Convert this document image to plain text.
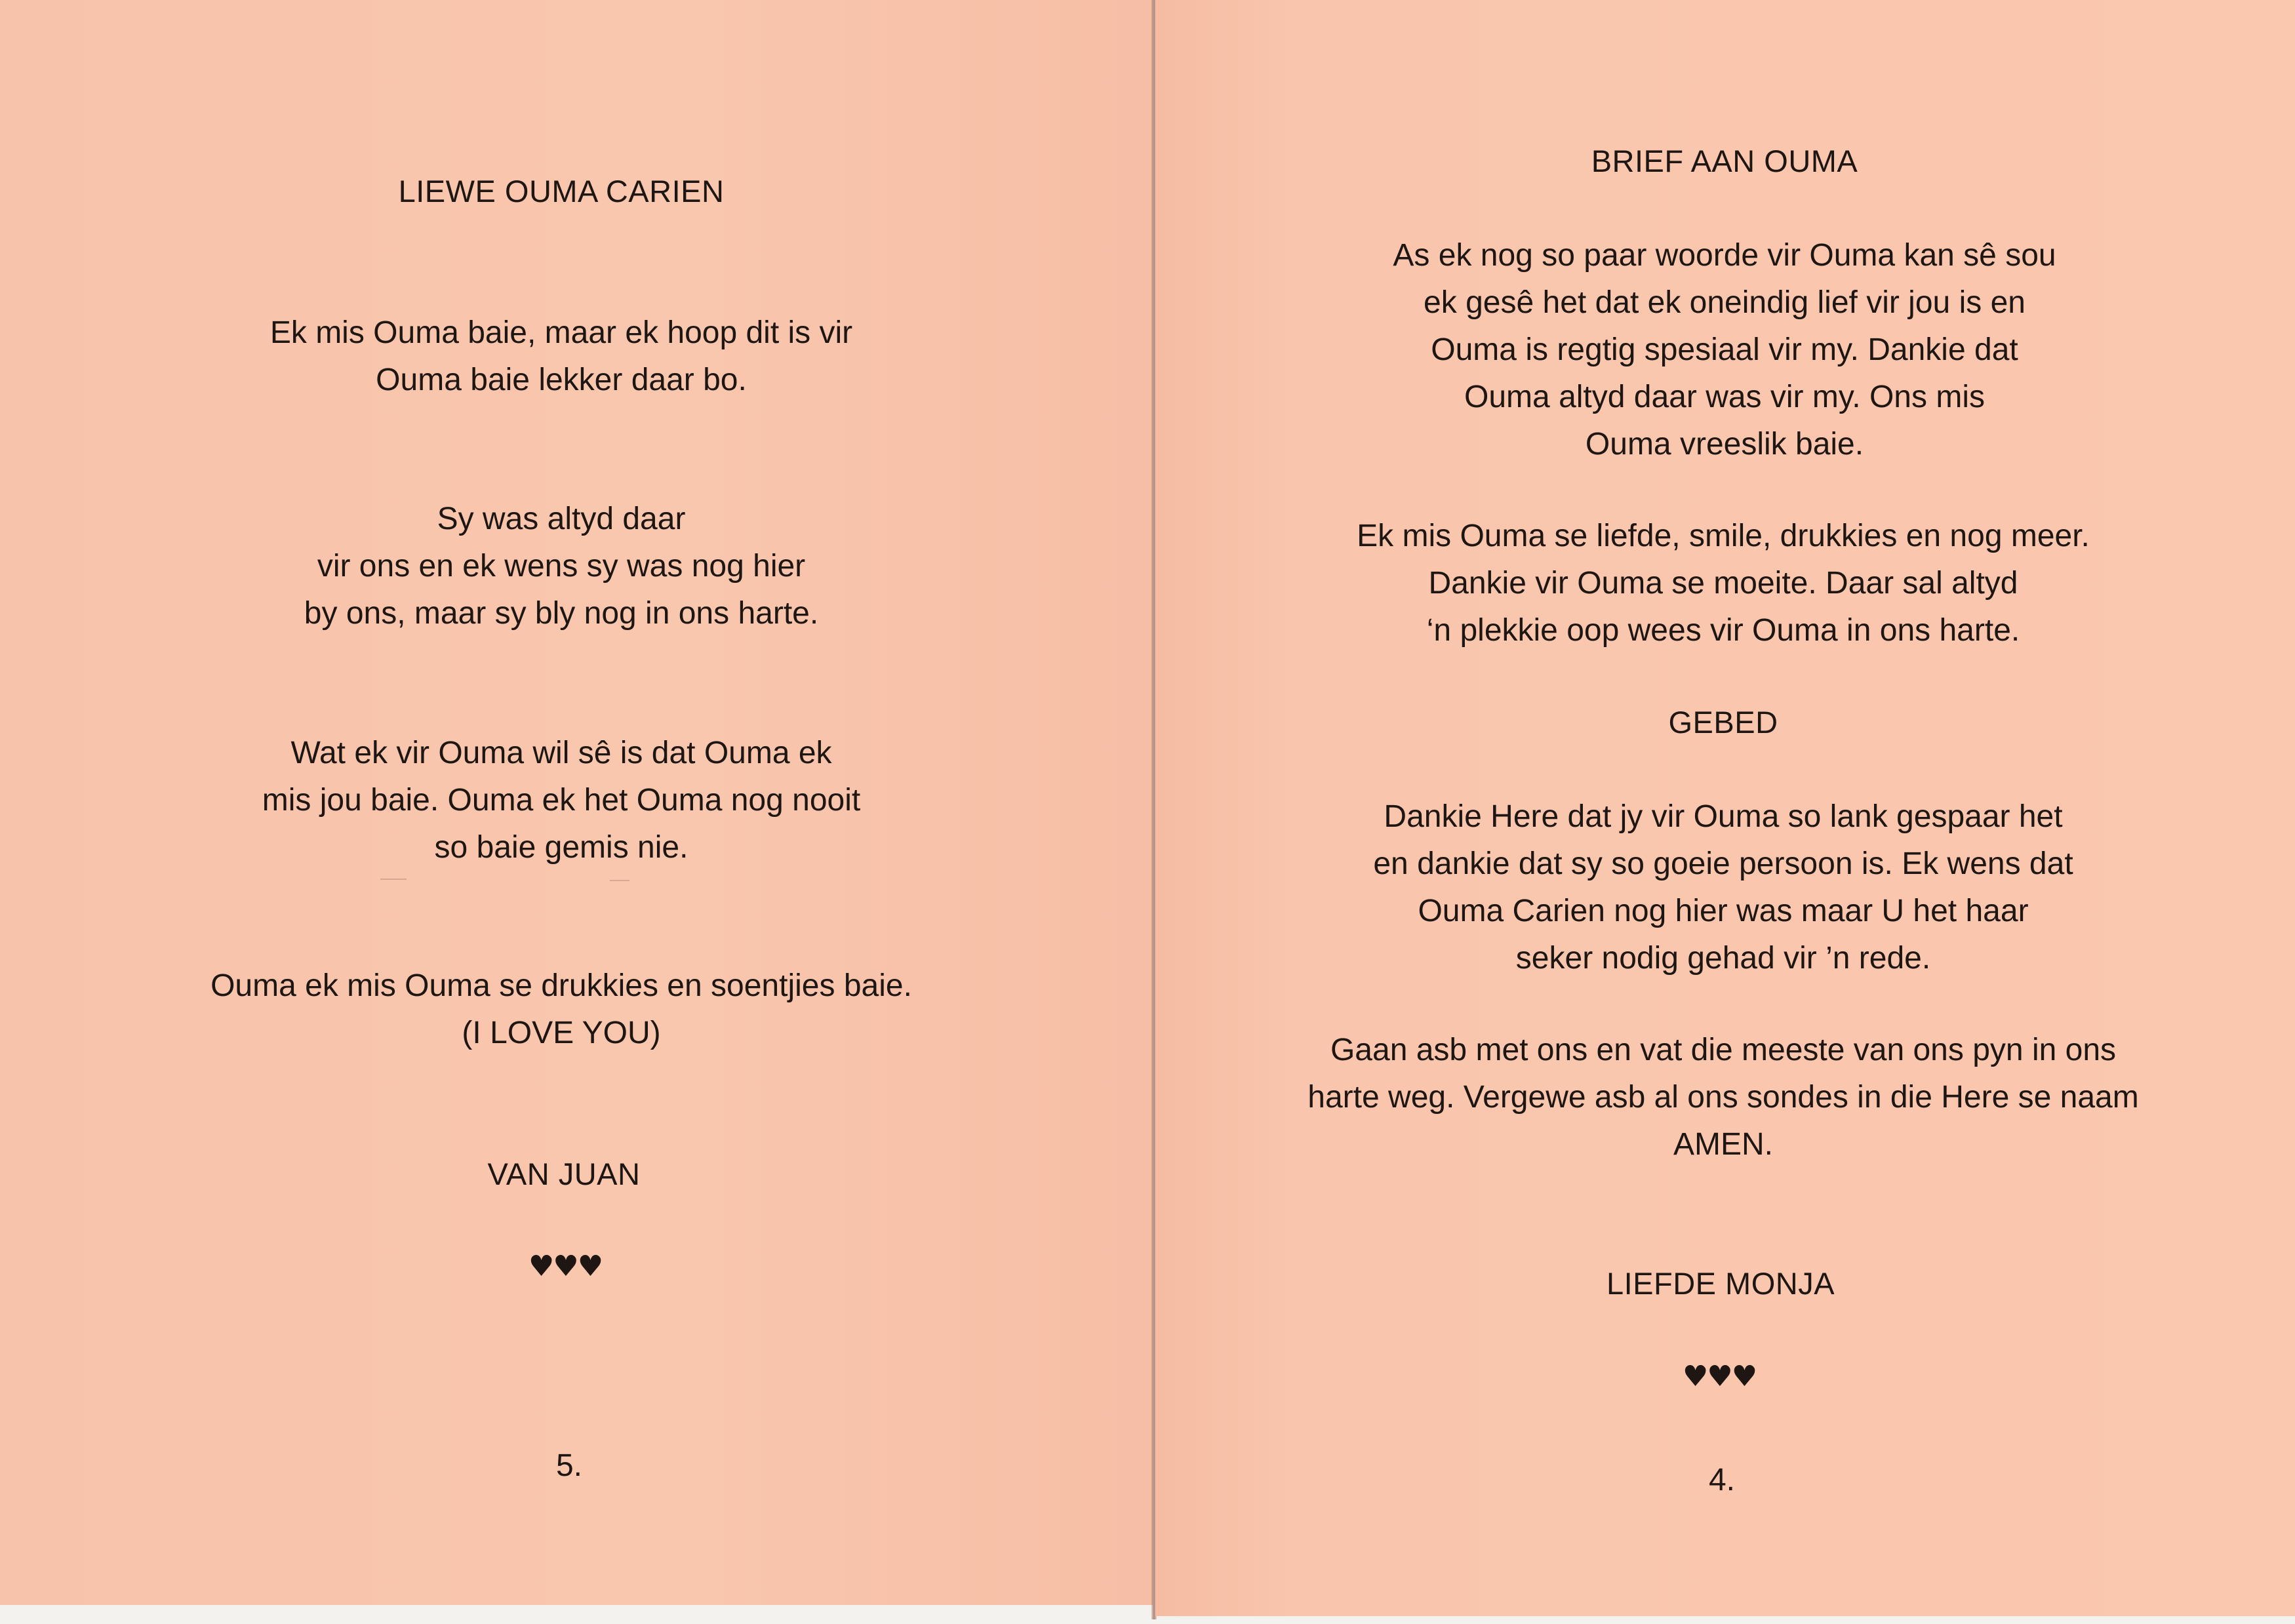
LIEWE OUMA CARIEN
Ek mis Ouma baie, maar ek hoop dit is vir
Ouma baie lekker daar bo.
Sy was altyd daar
vir ons en ek wens sy was nog hier
by ons, maar sy bly nog in ons harte.
Wat ek vir Ouma wil sê is dat Ouma ek
mis jou baie. Ouma ek het Ouma nog nooit
so baie gemis nie.
Ouma ek mis Ouma se drukkies en soentjies baie.
(I LOVE YOU)
VAN JUAN
♥♥♥
5.
BRIEF AAN OUMA
As ek nog so paar woorde vir Ouma kan sê sou
ek gesê het dat ek oneindig lief vir jou is en
Ouma is regtig spesiaal vir my. Dankie dat
Ouma altyd daar was vir my. Ons mis
Ouma vreeslik baie.
Ek mis Ouma se liefde, smile, drukkies en nog meer.
Dankie vir Ouma se moeite. Daar sal altyd
‘n plekkie oop wees vir Ouma in ons harte.
GEBED
Dankie Here dat jy vir Ouma so lank gespaar het
en dankie dat sy so goeie persoon is. Ek wens dat
Ouma Carien nog hier was maar U het haar
seker nodig gehad vir ’n rede.
Gaan asb met ons en vat die meeste van ons pyn in ons
harte weg. Vergewe asb al ons sondes in die Here se naam
AMEN.
LIEFDE MONJA
♥♥♥
4.
